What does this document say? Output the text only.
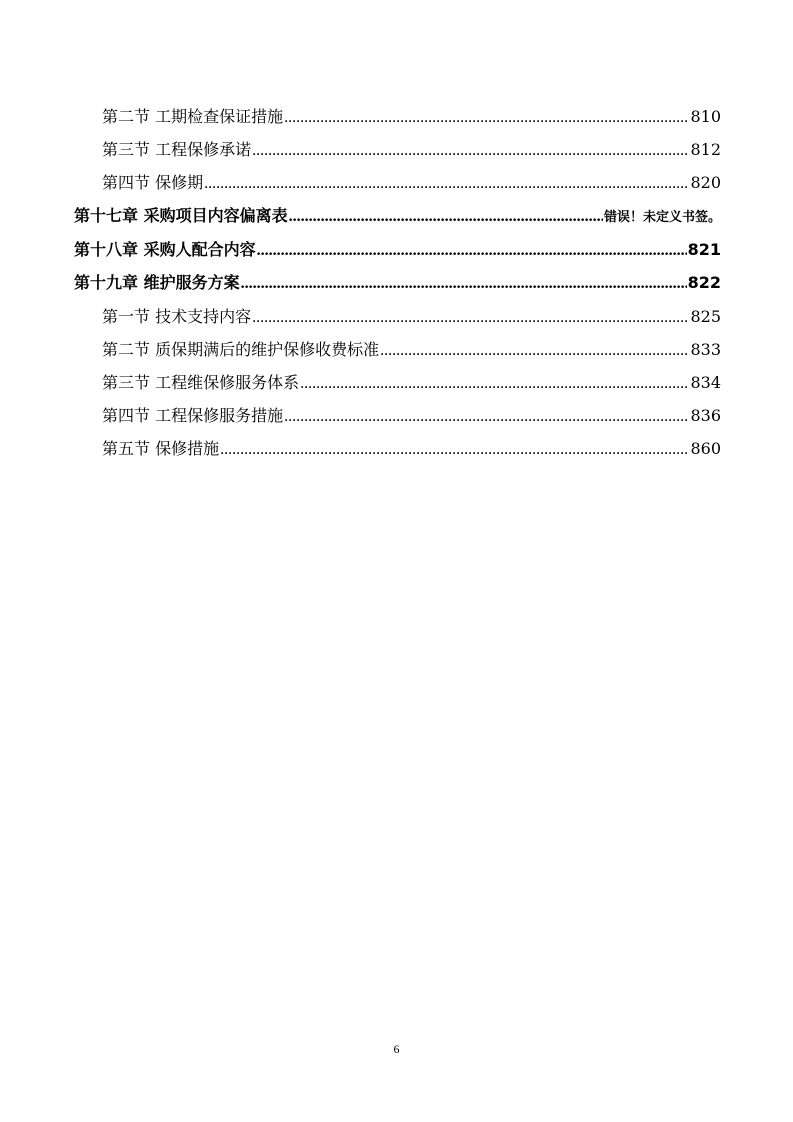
第二节 工期检查保证措施 .....	810
第三节 工程保修承诺 .....	812
第四节 保修期 .....	820
第十七章 采购项目内容偏离表 .....	错误！未定义书签。
第十八章 采购人配合内容 .....	821
第十九章 维护服务方案 .....	822
第一节 技术支持内容 .....	825
第二节 质保期满后的维护保修收费标准 .....	833
第三节 工程维保修服务体系 .....	834
第四节 工程保修服务措施 .....	836
第五节 保修措施 .....	860
6
